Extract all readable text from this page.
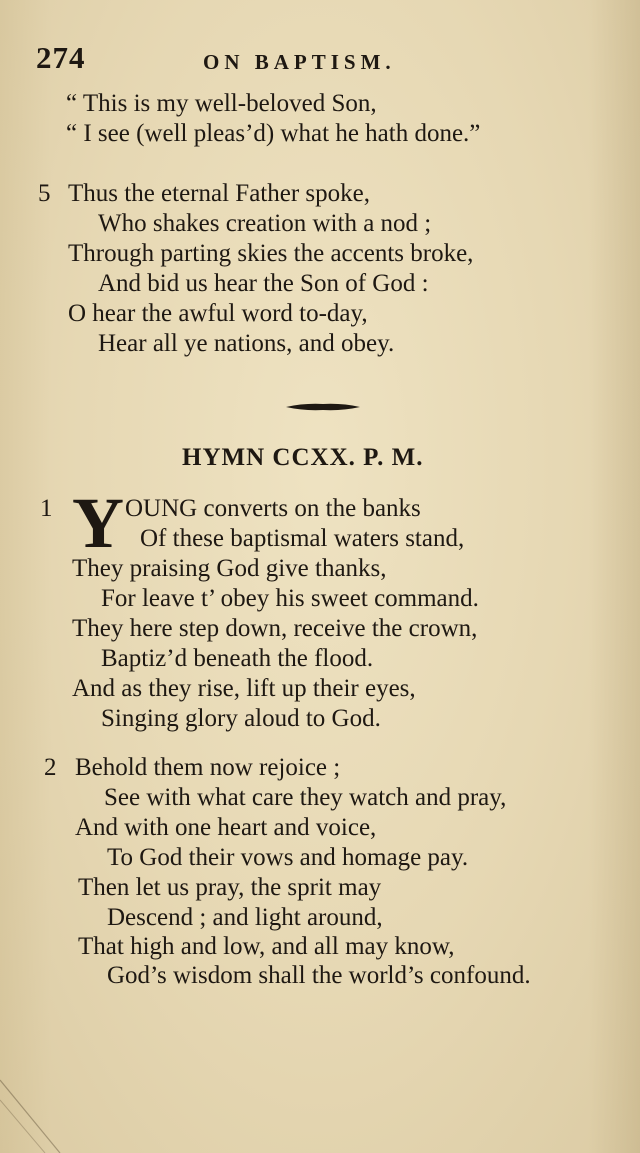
274	ON BAPTISM.
“ This is my well-beloved Son,
“ I see (well pleas’d) what he hath done.”
5 Thus the eternal Father spoke,
Who shakes creation with a nod ;
Through parting skies the accents broke,
And bid us hear the Son of God :
O hear the awful word to-day,
Hear all ye nations, and obey.
HYMN CCXX. P. M.
1 Y OUNG converts on the banks
Of these baptismal waters stand,
They praising God give thanks,
For leave t’ obey his sweet command.
They here step down, receive the crown,
Baptiz’d beneath the flood.
And as they rise, lift up their eyes,
Singing glory aloud to God.
2 Behold them now rejoice ;
See with what care they watch and pray,
And with one heart and voice,
To God their vows and homage pay.
Then let us pray, the sprit may
Descend ; and light around,
That high and low, and all may know,
God’s wisdom shall the world’s confound.
